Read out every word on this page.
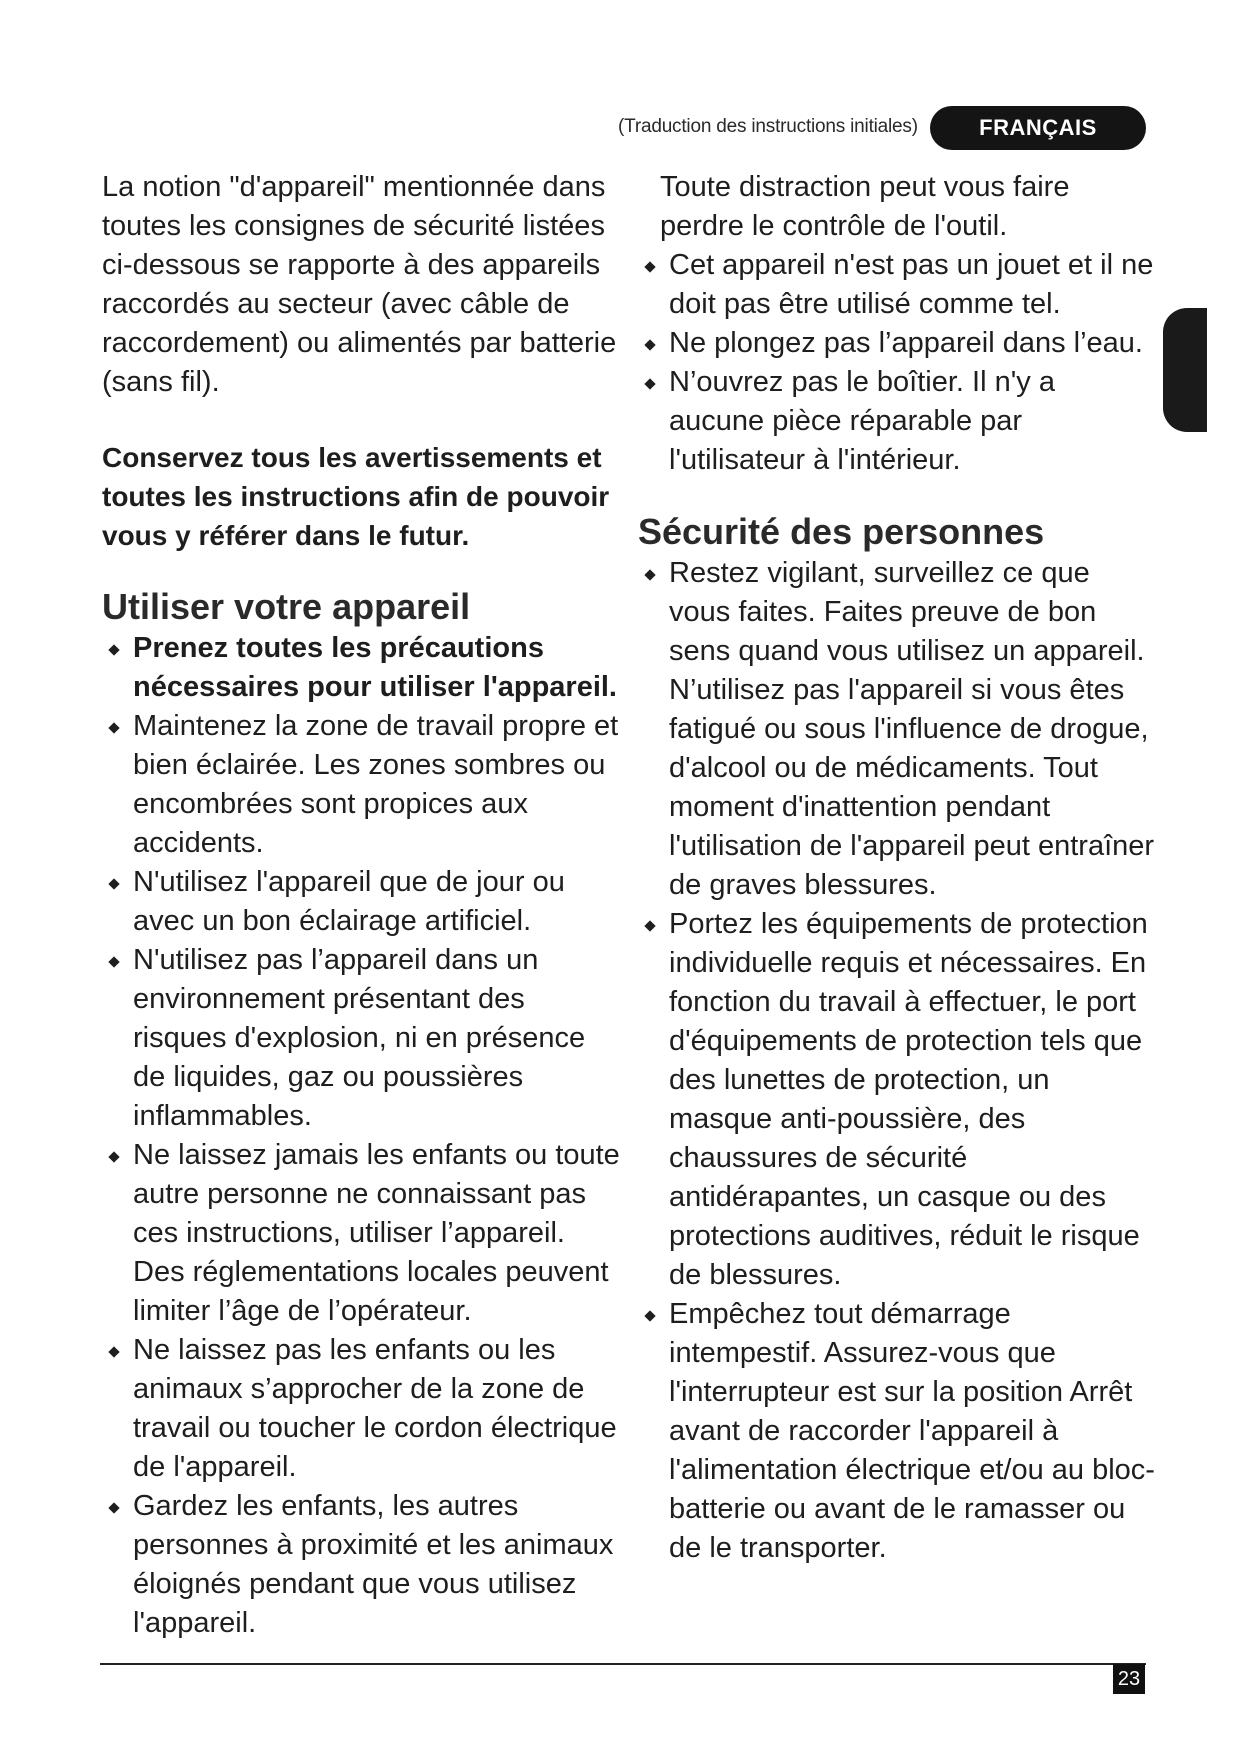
(Traduction des instructions initiales)	FRANÇAIS

La notion "d'appareil" mentionnée dans toutes les consignes de sécurité listées ci-dessous se rapporte à des appareils raccordés au secteur (avec câble de raccordement) ou alimentés par batterie (sans fil).

Conservez tous les avertissements et toutes les instructions afin de pouvoir vous y référer dans le futur.

Utiliser votre appareil
Prenez toutes les précautions nécessaires pour utiliser l'appareil.
Maintenez la zone de travail propre et bien éclairée. Les zones sombres ou encombrées sont propices aux accidents.
N'utilisez l'appareil que de jour ou avec un bon éclairage artificiel.
N'utilisez pas l’appareil dans un environnement présentant des risques d'explosion, ni en présence de liquides, gaz ou poussières inflammables.
Ne laissez jamais les enfants ou toute autre personne ne connaissant pas ces instructions, utiliser l’appareil. Des réglementations locales peuvent limiter l’âge de l’opérateur.
Ne laissez pas les enfants ou les animaux s’approcher de la zone de travail ou toucher le cordon électrique de l'appareil.
Gardez les enfants, les autres personnes à proximité et les animaux éloignés pendant que vous utilisez l'appareil.

Toute distraction peut vous faire perdre le contrôle de l'outil.

Cet appareil n'est pas un jouet et il ne doit pas être utilisé comme tel.
Ne plongez pas l’appareil dans l’eau.
N’ouvrez pas le boîtier. Il n'y a aucune pièce réparable par l'utilisateur à l'intérieur.
Sécurité des personnes
Restez vigilant, surveillez ce que vous faites. Faites preuve de bon sens quand vous utilisez un appareil. N’utilisez pas l'appareil si vous êtes fatigué ou sous l'influence de drogue, d'alcool ou de médicaments. Tout moment d'inattention pendant l'utilisation de l'appareil peut entraîner de graves blessures.
Portez les équipements de protection individuelle requis et nécessaires. En fonction du travail à effectuer, le port d'équipements de protection tels que des lunettes de protection, un masque anti-poussière, des chaussures de sécurité antidérapantes, un casque ou des protections auditives, réduit le risque de blessures.
Empêchez tout démarrage intempestif. Assurez-vous que l'interrupteur est sur la position Arrêt avant de raccorder l'appareil à l'alimentation électrique et/ou au bloc-batterie ou avant de le ramasser ou de le transporter.
23
